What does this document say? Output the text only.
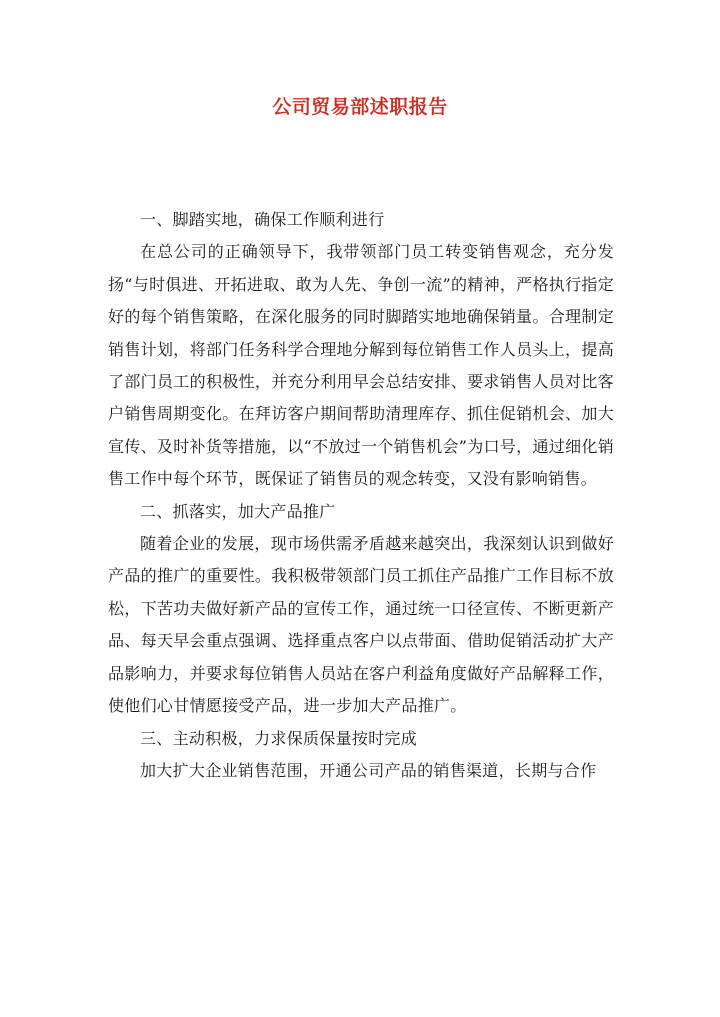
公司贸易部述职报告

一、脚踏实地，确保工作顺利进行

在总公司的正确领导下，我带领部门员工转变销售观念，充分发扬“与时俱进、开拓进取、敢为人先、争创一流”的精神，严格执行指定好的每个销售策略，在深化服务的同时脚踏实地地确保销量。合理制定销售计划，将部门任务科学合理地分解到每位销售工作人员头上，提高了部门员工的积极性，并充分利用早会总结安排、要求销售人员对比客户销售周期变化。在拜访客户期间帮助清理库存、抓住促销机会、加大宣传、及时补货等措施，以“不放过一个销售机会”为口号，通过细化销售工作中每个环节，既保证了销售员的观念转变，又没有影响销售。

二、抓落实，加大产品推广

随着企业的发展，现市场供需矛盾越来越突出，我深刻认识到做好产品的推广的重要性。我积极带领部门员工抓住产品推广工作目标不放松，下苦功夫做好新产品的宣传工作，通过统一口径宣传、不断更新产品、每天早会重点强调、选择重点客户以点带面、借助促销活动扩大产品影响力，并要求每位销售人员站在客户利益角度做好产品解释工作，使他们心甘情愿接受产品，进一步加大产品推广。

三、主动积极，力求保质保量按时完成

加大扩大企业销售范围，开通公司产品的销售渠道，长期与合作
